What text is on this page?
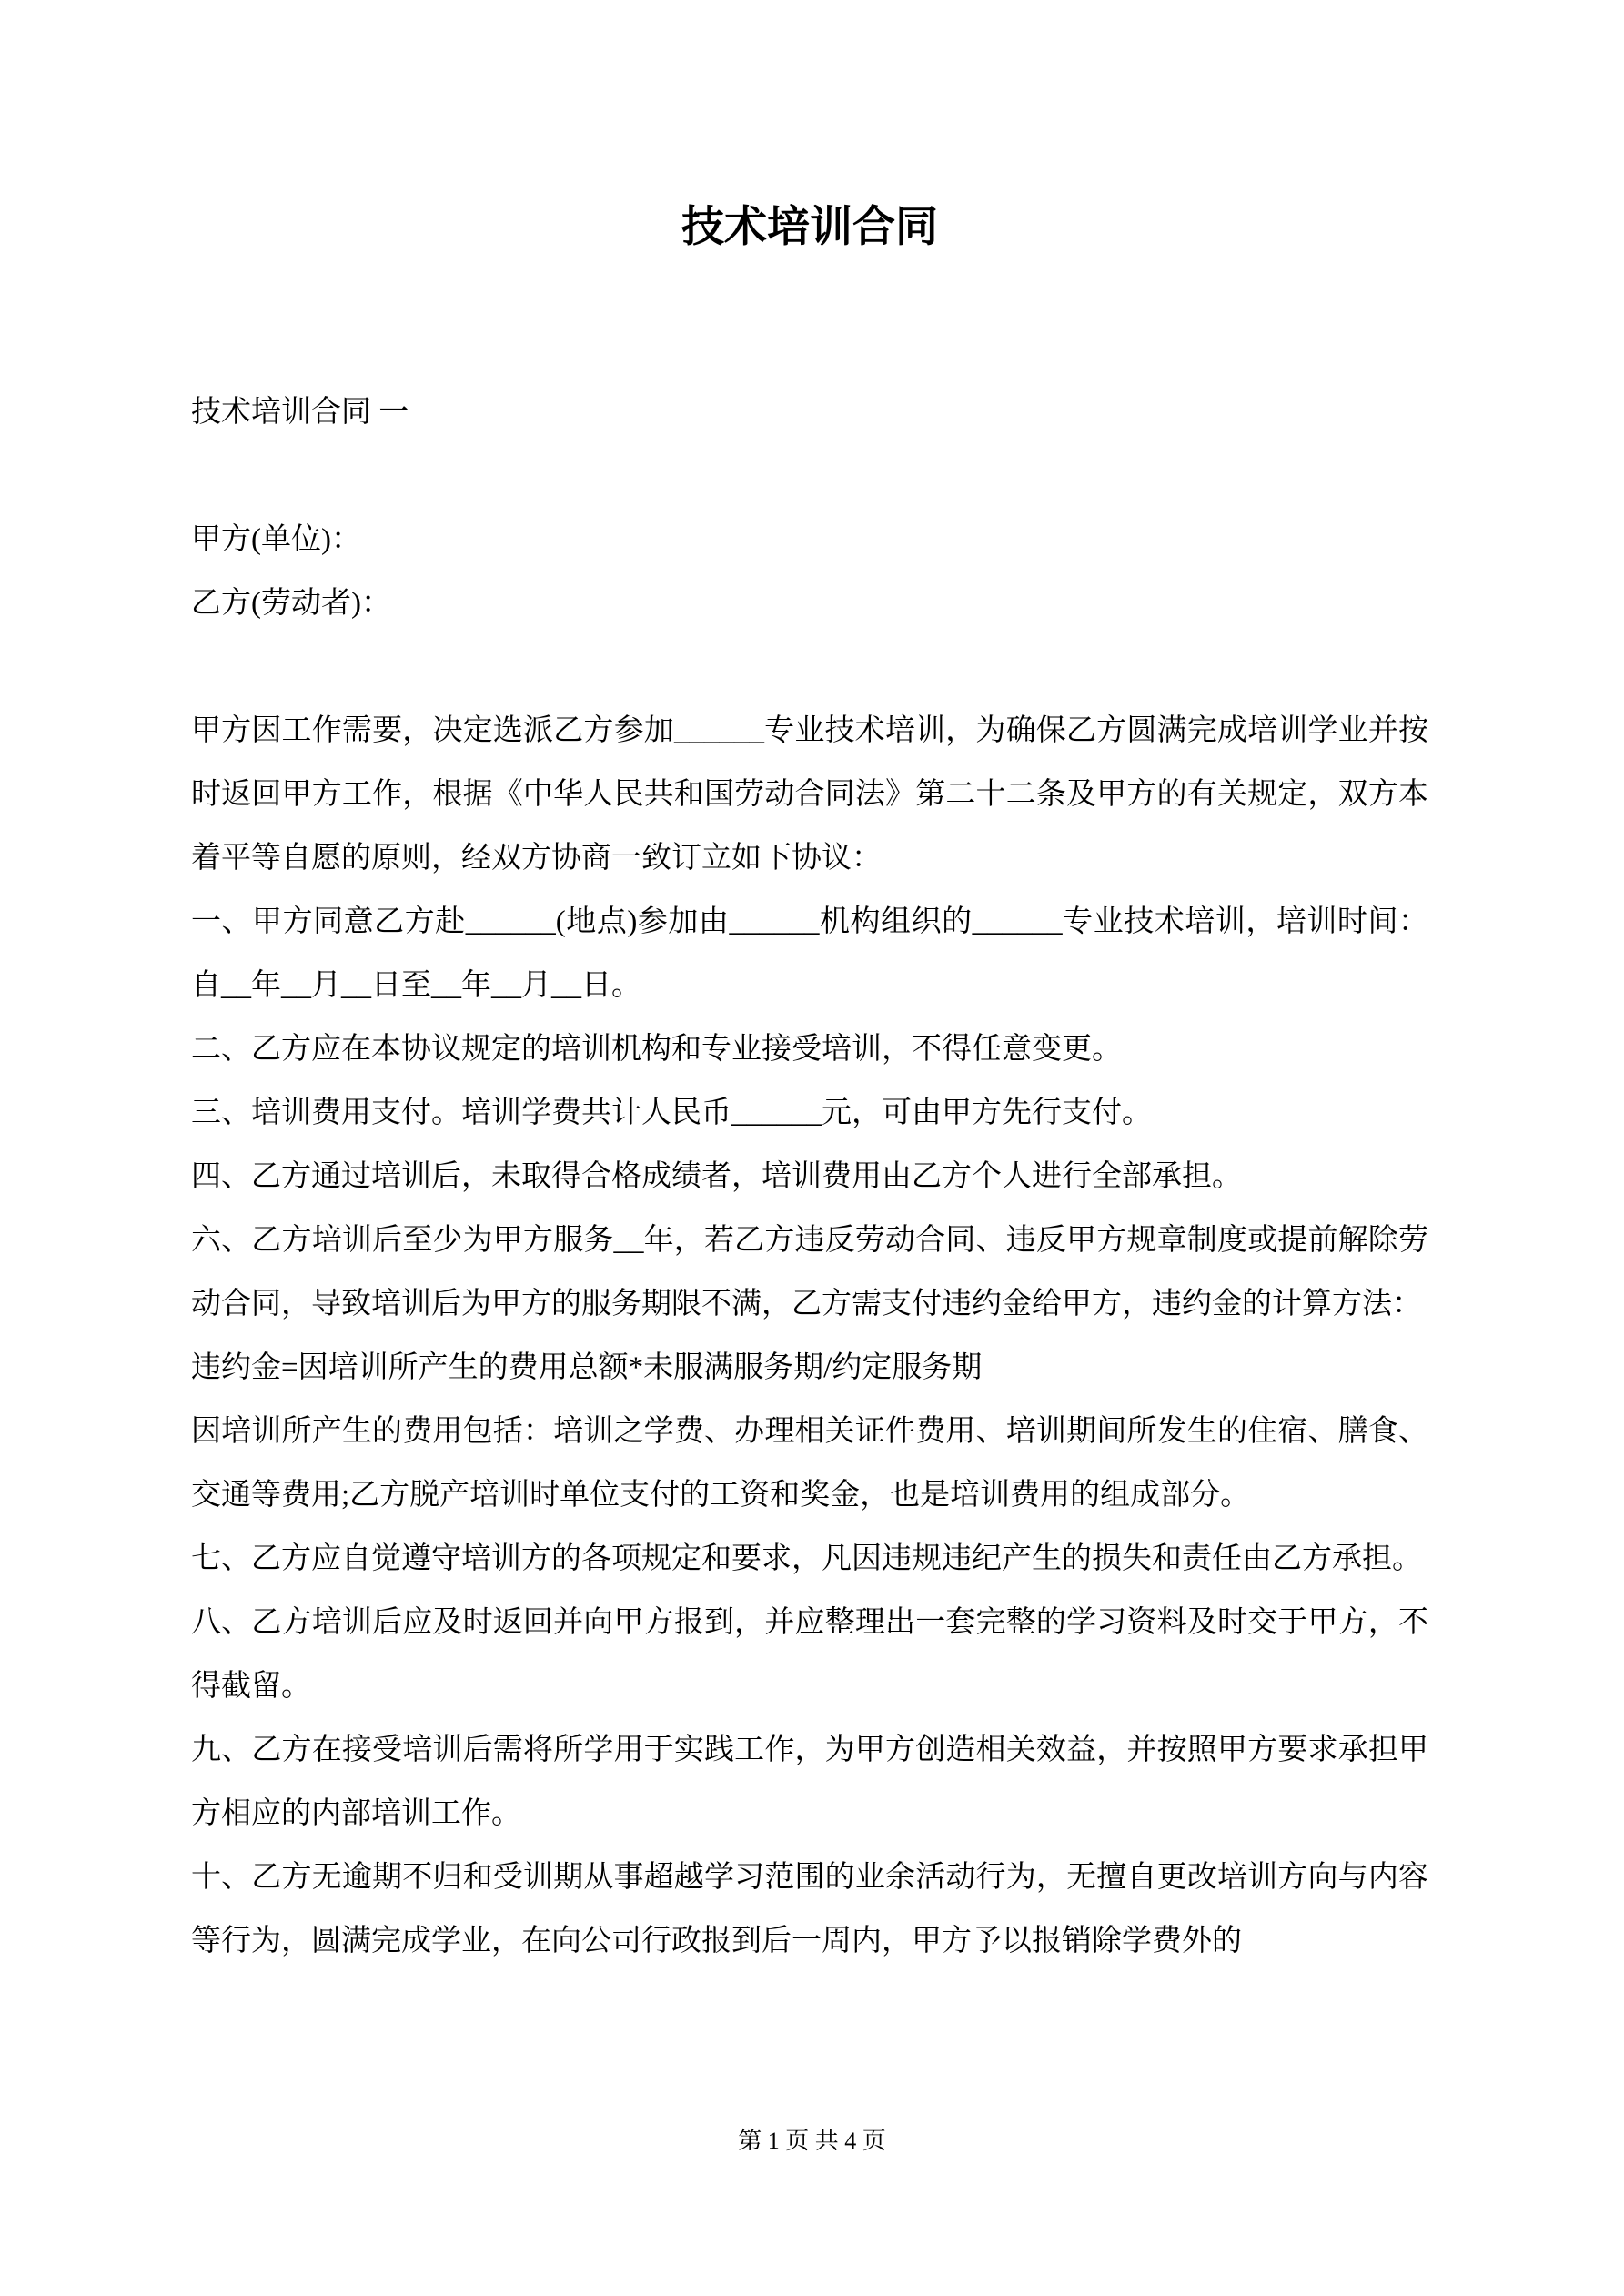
技术培训合同

技术培训合同 一

甲方(单位)：

乙方(劳动者)：

甲方因工作需要，决定选派乙方参加______专业技术培训，为确保乙方圆满完成培训学业并按时返回甲方工作，根据《中华人民共和国劳动合同法》第二十二条及甲方的有关规定，双方本着平等自愿的原则，经双方协商一致订立如下协议：

一、甲方同意乙方赴______(地点)参加由______机构组织的______专业技术培训，培训时间：自__年__月__日至__年__月__日。

二、乙方应在本协议规定的培训机构和专业接受培训，不得任意变更。

三、培训费用支付。培训学费共计人民币______元，可由甲方先行支付。

四、乙方通过培训后，未取得合格成绩者，培训费用由乙方个人进行全部承担。

六、乙方培训后至少为甲方服务__年，若乙方违反劳动合同、违反甲方规章制度或提前解除劳动合同，导致培训后为甲方的服务期限不满，乙方需支付违约金给甲方，违约金的计算方法：

违约金=因培训所产生的费用总额*未服满服务期/约定服务期

因培训所产生的费用包括：培训之学费、办理相关证件费用、培训期间所发生的住宿、膳食、交通等费用;乙方脱产培训时单位支付的工资和奖金，也是培训费用的组成部分。

七、乙方应自觉遵守培训方的各项规定和要求，凡因违规违纪产生的损失和责任由乙方承担。

八、乙方培训后应及时返回并向甲方报到，并应整理出一套完整的学习资料及时交于甲方，不得截留。

九、乙方在接受培训后需将所学用于实践工作，为甲方创造相关效益，并按照甲方要求承担甲方相应的内部培训工作。

十、乙方无逾期不归和受训期从事超越学习范围的业余活动行为，无擅自更改培训方向与内容等行为，圆满完成学业，在向公司行政报到后一周内，甲方予以报销除学费外的

第 1 页 共 4 页
